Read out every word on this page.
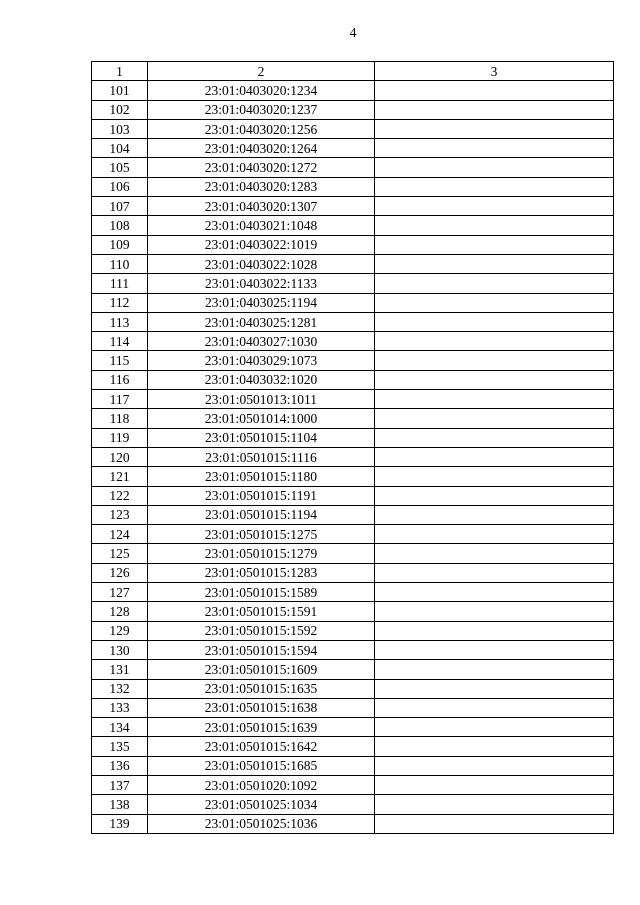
4
1	2	3
101	23:01:0403020:1234	
102	23:01:0403020:1237	
103	23:01:0403020:1256	
104	23:01:0403020:1264	
105	23:01:0403020:1272	
106	23:01:0403020:1283	
107	23:01:0403020:1307	
108	23:01:0403021:1048	
109	23:01:0403022:1019	
110	23:01:0403022:1028	
111	23:01:0403022:1133	
112	23:01:0403025:1194	
113	23:01:0403025:1281	
114	23:01:0403027:1030	
115	23:01:0403029:1073	
116	23:01:0403032:1020	
117	23:01:0501013:1011	
118	23:01:0501014:1000	
119	23:01:0501015:1104	
120	23:01:0501015:1116	
121	23:01:0501015:1180	
122	23:01:0501015:1191	
123	23:01:0501015:1194	
124	23:01:0501015:1275	
125	23:01:0501015:1279	
126	23:01:0501015:1283	
127	23:01:0501015:1589	
128	23:01:0501015:1591	
129	23:01:0501015:1592	
130	23:01:0501015:1594	
131	23:01:0501015:1609	
132	23:01:0501015:1635	
133	23:01:0501015:1638	
134	23:01:0501015:1639	
135	23:01:0501015:1642	
136	23:01:0501015:1685	
137	23:01:0501020:1092	
138	23:01:0501025:1034	
139	23:01:0501025:1036	
